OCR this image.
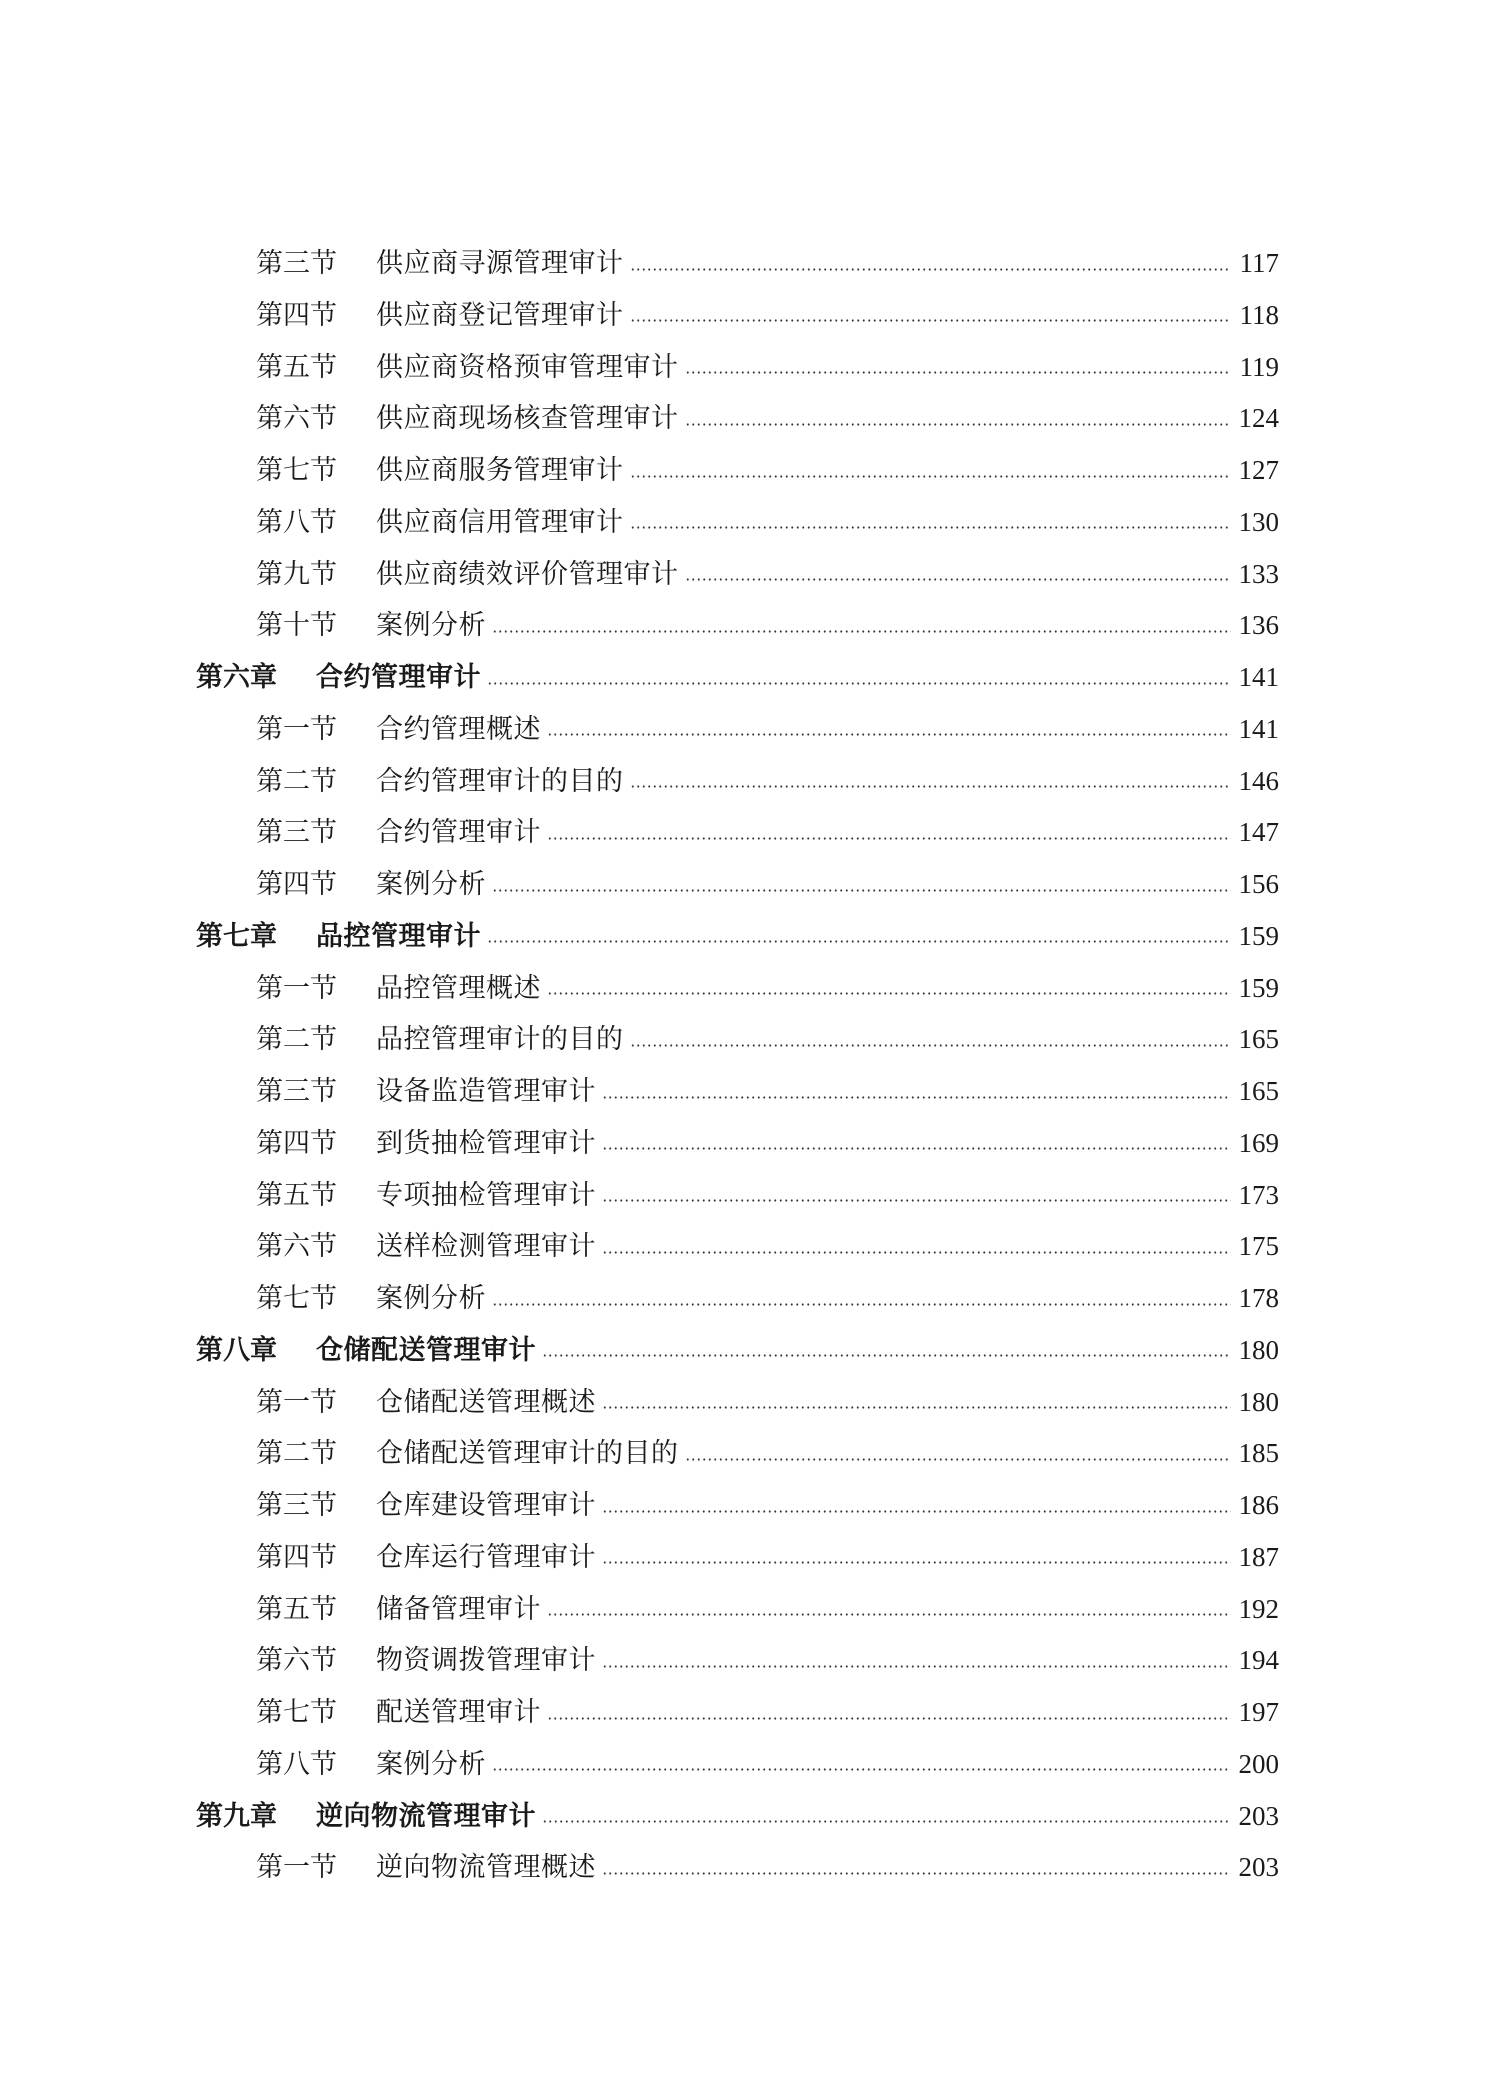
第三节	供应商寻源管理审计	117
第四节	供应商登记管理审计	118
第五节	供应商资格预审管理审计	119
第六节	供应商现场核查管理审计	124
第七节	供应商服务管理审计	127
第八节	供应商信用管理审计	130
第九节	供应商绩效评价管理审计	133
第十节	案例分析	136
第六章	合约管理审计	141
第一节	合约管理概述	141
第二节	合约管理审计的目的	146
第三节	合约管理审计	147
第四节	案例分析	156
第七章	品控管理审计	159
第一节	品控管理概述	159
第二节	品控管理审计的目的	165
第三节	设备监造管理审计	165
第四节	到货抽检管理审计	169
第五节	专项抽检管理审计	173
第六节	送样检测管理审计	175
第七节	案例分析	178
第八章	仓储配送管理审计	180
第一节	仓储配送管理概述	180
第二节	仓储配送管理审计的目的	185
第三节	仓库建设管理审计	186
第四节	仓库运行管理审计	187
第五节	储备管理审计	192
第六节	物资调拨管理审计	194
第七节	配送管理审计	197
第八节	案例分析	200
第九章	逆向物流管理审计	203
第一节	逆向物流管理概述	203
